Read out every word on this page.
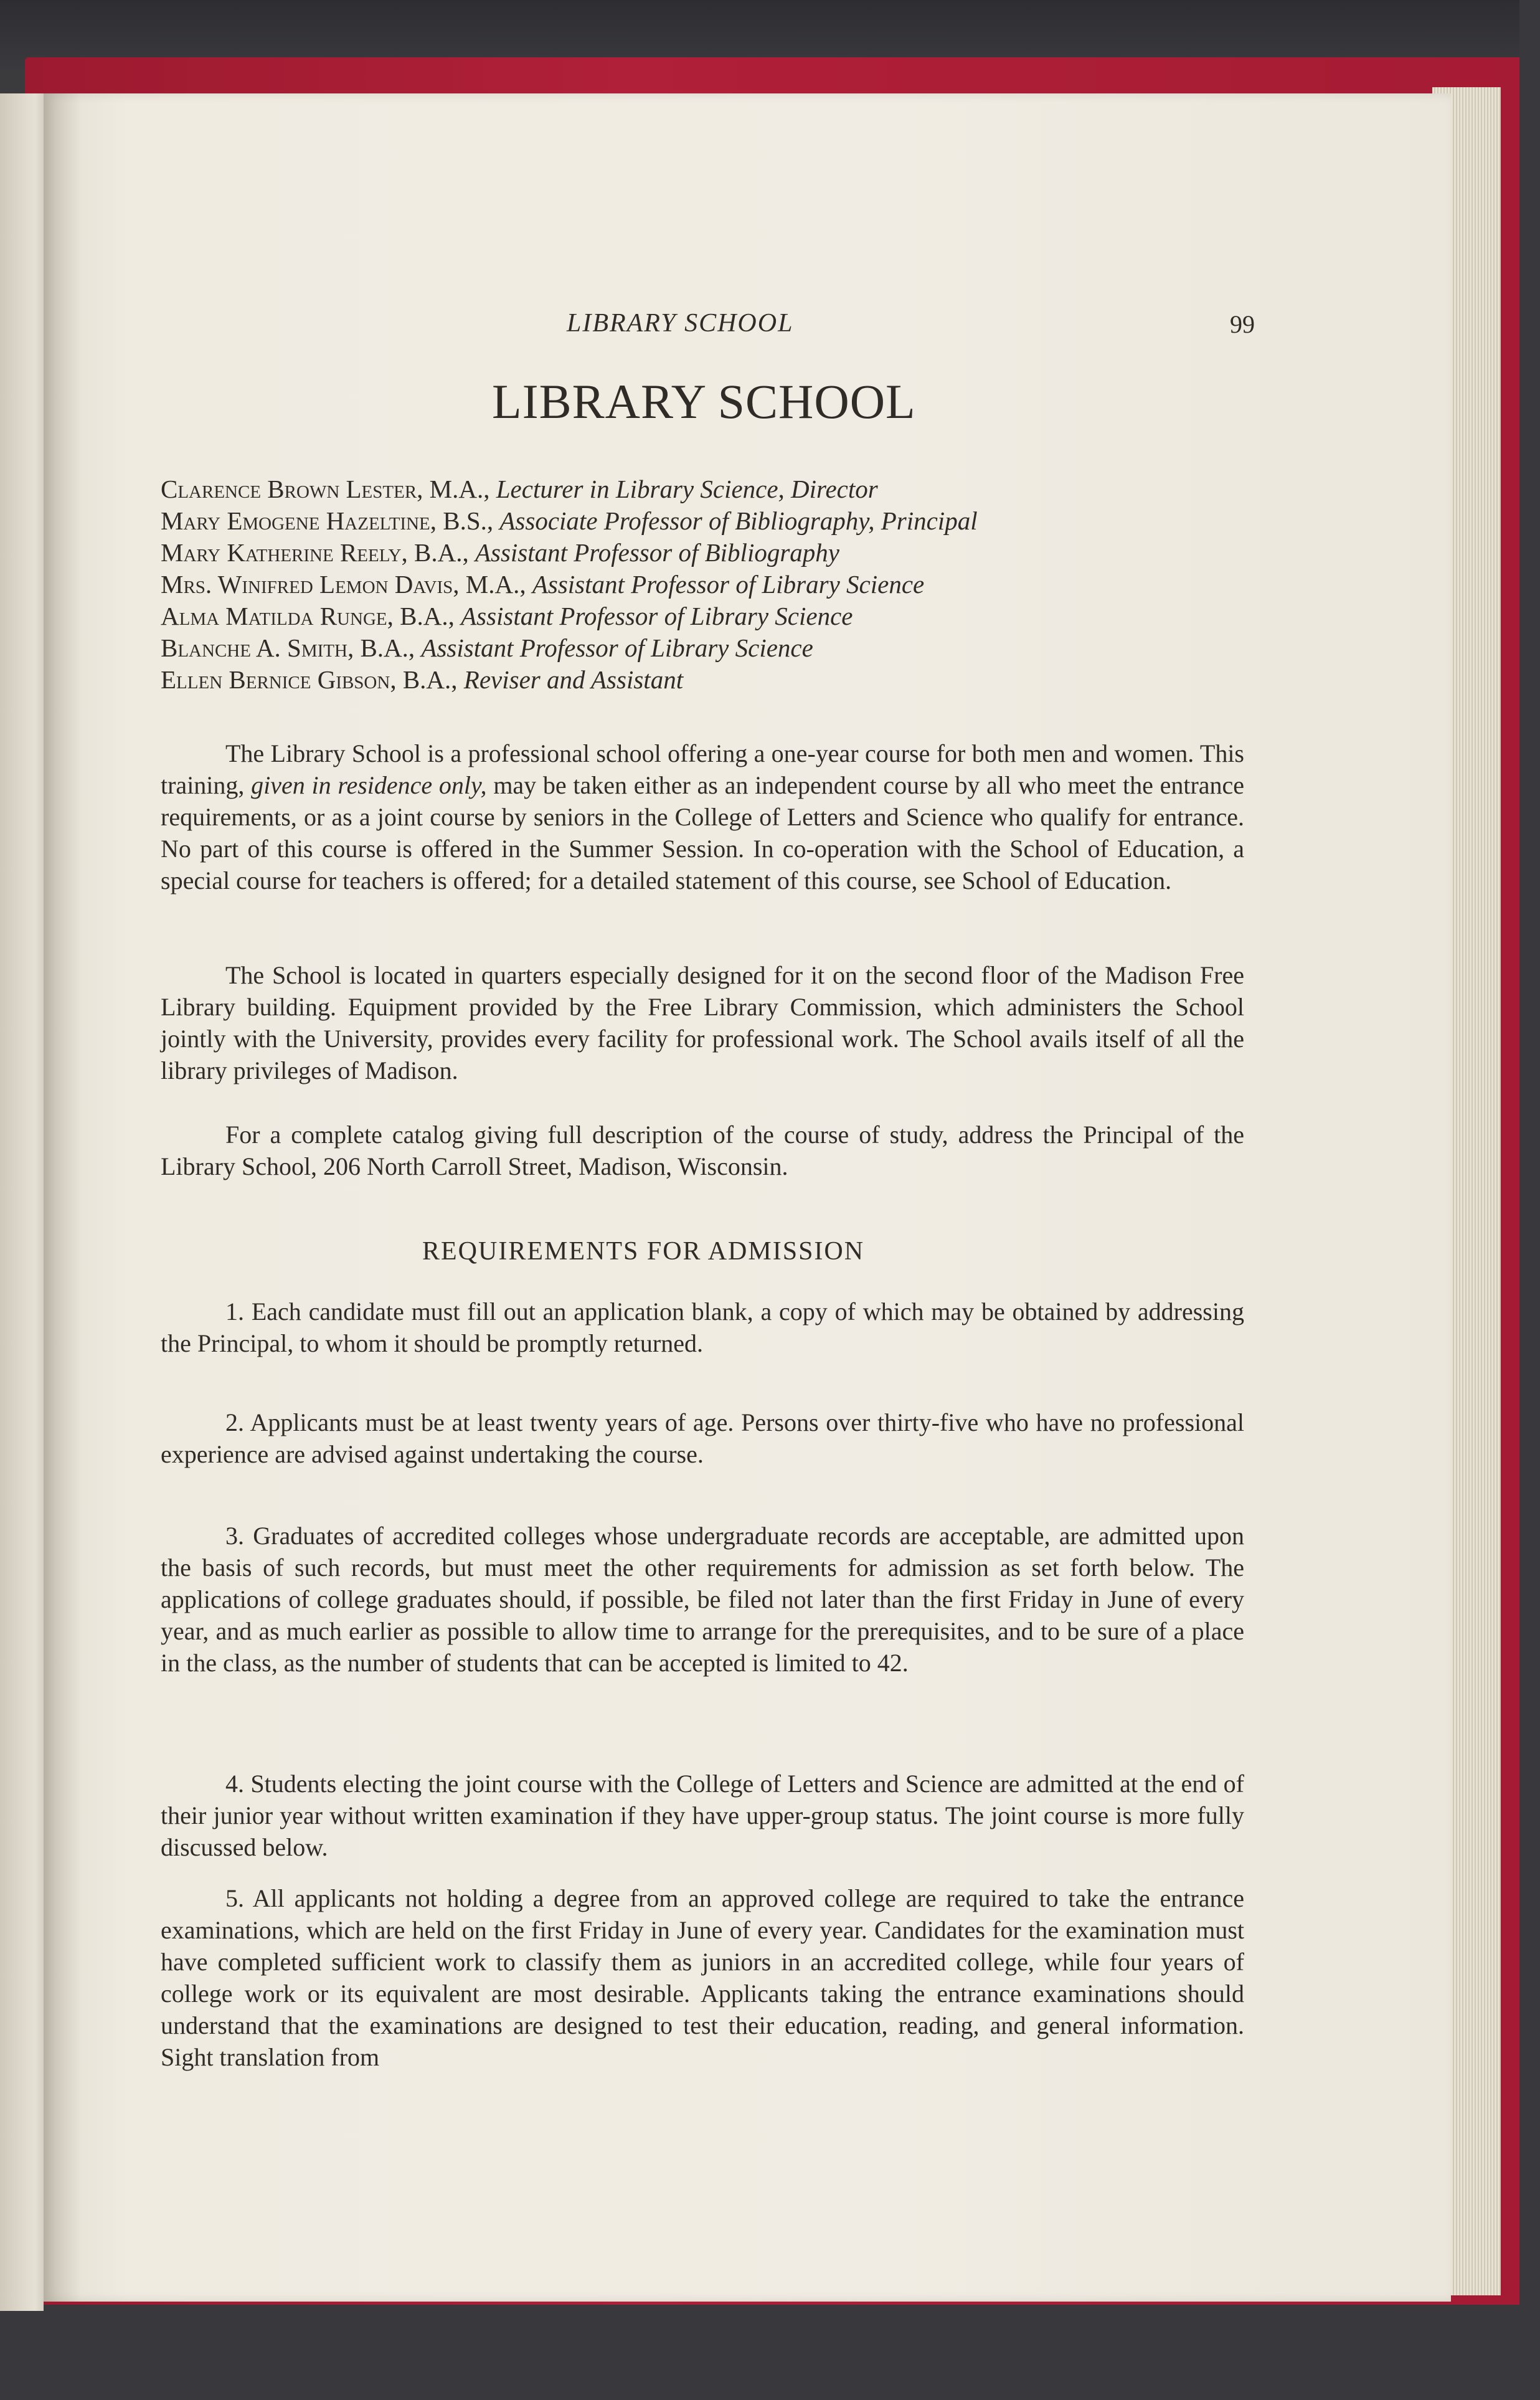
LIBRARY SCHOOL	99

LIBRARY SCHOOL
Clarence Brown Lester, M.A., Lecturer in Library Science, Director
Mary Emogene Hazeltine, B.S., Associate Professor of Bibliography, Principal
Mary Katherine Reely, B.A., Assistant Professor of Bibliography
Mrs. Winifred Lemon Davis, M.A., Assistant Professor of Library Science
Alma Matilda Runge, B.A., Assistant Professor of Library Science
Blanche A. Smith, B.A., Assistant Professor of Library Science
Ellen Bernice Gibson, B.A., Reviser and Assistant

The Library School is a professional school offering a one-year course for both men and women. This training, given in residence only, may be taken either as an independent course by all who meet the entrance requirements, or as a joint course by seniors in the College of Letters and Science who qualify for entrance. No part of this course is offered in the Summer Session. In co-operation with the School of Education, a special course for teachers is offered; for a detailed statement of this course, see School of Education.

The School is located in quarters especially designed for it on the second floor of the Madison Free Library building. Equipment provided by the Free Library Commission, which administers the School jointly with the University, provides every facility for professional work. The School avails itself of all the library privileges of Madison.

For a complete catalog giving full description of the course of study, address the Principal of the Library School, 206 North Carroll Street, Madison, Wisconsin.

REQUIREMENTS FOR ADMISSION

1. Each candidate must fill out an application blank, a copy of which may be obtained by addressing the Principal, to whom it should be promptly returned.

2. Applicants must be at least twenty years of age. Persons over thirty-five who have no professional experience are advised against undertaking the course.

3. Graduates of accredited colleges whose undergraduate records are acceptable, are admitted upon the basis of such records, but must meet the other requirements for admission as set forth below. The applications of college graduates should, if possible, be filed not later than the first Friday in June of every year, and as much earlier as possible to allow time to arrange for the prerequisites, and to be sure of a place in the class, as the number of students that can be accepted is limited to 42.

4. Students electing the joint course with the College of Letters and Science are admitted at the end of their junior year without written examination if they have upper-group status. The joint course is more fully discussed below.

5. All applicants not holding a degree from an approved college are required to take the entrance examinations, which are held on the first Friday in June of every year. Candidates for the examination must have completed sufficient work to classify them as juniors in an accredited college, while four years of college work or its equivalent are most desirable. Applicants taking the entrance examinations should understand that the examinations are designed to test their education, reading, and general information. Sight translation from
